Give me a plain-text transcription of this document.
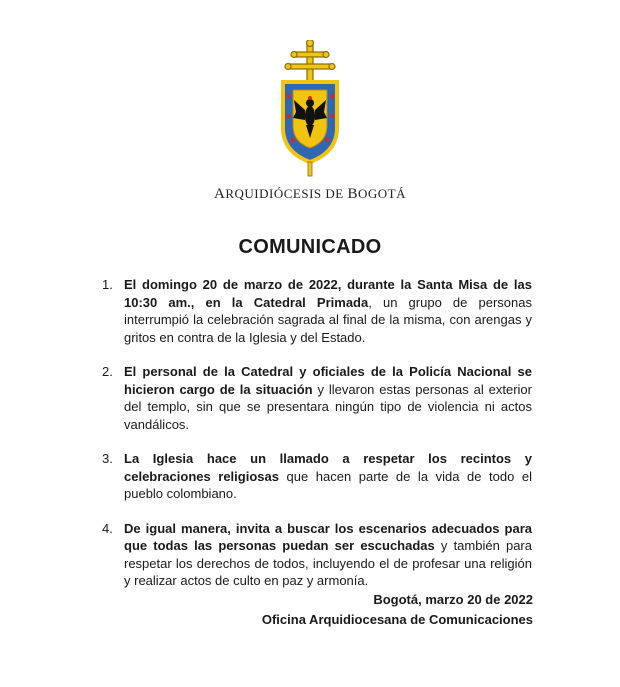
ARQUIDIÓCESIS DE BOGOTÁ
COMUNICADO
1. El domingo 20 de marzo de 2022, durante la Santa Misa de las 10:30 am., en la Catedral Primada, un grupo de personas interrumpió la celebración sagrada al final de la misma, con arengas y gritos en contra de la Iglesia y del Estado.
2. El personal de la Catedral y oficiales de la Policía Nacional se hicieron cargo de la situación y llevaron estas personas al exterior del templo, sin que se presentara ningún tipo de violencia ni actos vandálicos.
3. La Iglesia hace un llamado a respetar los recintos y celebraciones religiosas que hacen parte de la vida de todo el pueblo colombiano.
4. De igual manera, invita a buscar los escenarios adecuados para que todas las personas puedan ser escuchadas y también para respetar los derechos de todos, incluyendo el de profesar una religión y realizar actos de culto en paz y armonía.
Bogotá, marzo 20 de 2022
Oficina Arquidiocesana de Comunicaciones
